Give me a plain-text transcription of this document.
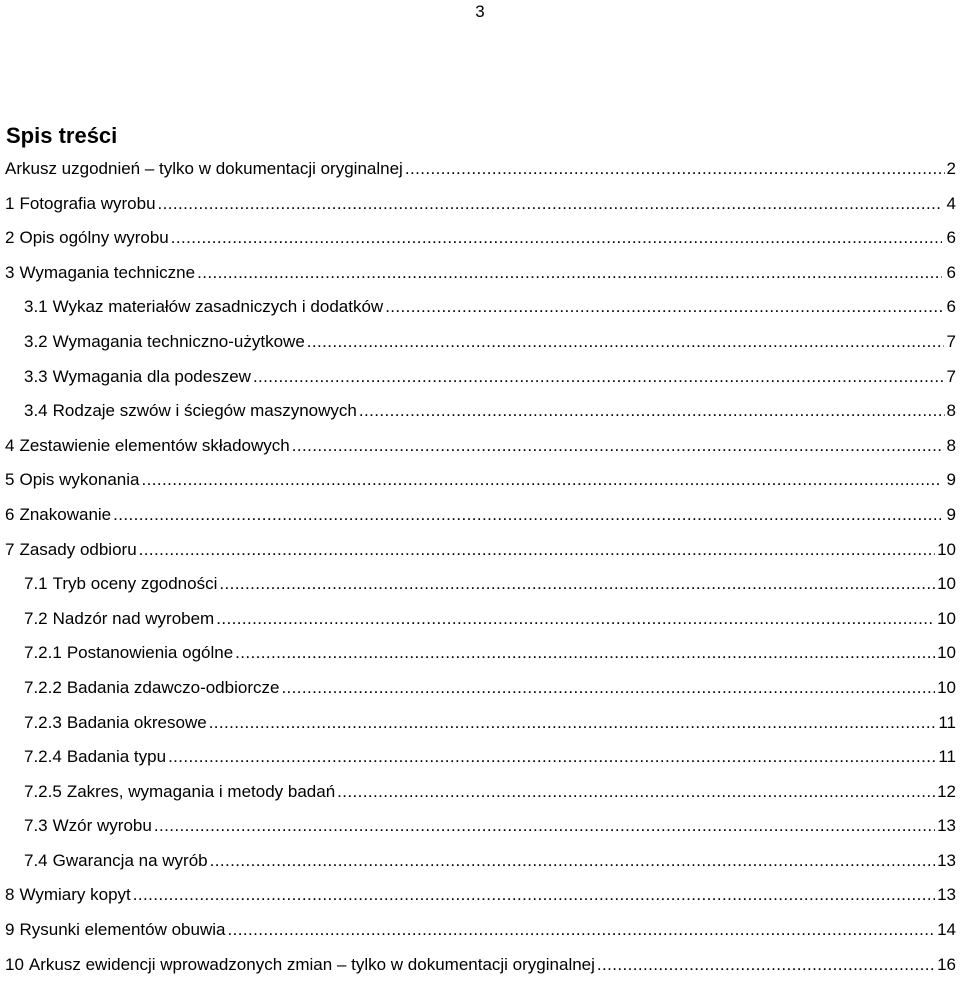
3
Spis treści
Arkusz uzgodnień – tylko w dokumentacji oryginalnej .....	2
1 Fotografia wyrobu .....	4
2 Opis ogólny wyrobu .....	6
3 Wymagania techniczne .....	6
3.1 Wykaz materiałów zasadniczych i dodatków .....	6
3.2 Wymagania techniczno-użytkowe .....	7
3.3 Wymagania dla podeszew .....	7
3.4 Rodzaje szwów i ściegów maszynowych .....	8
4 Zestawienie elementów składowych .....	8
5 Opis wykonania .....	9
6 Znakowanie .....	9
7 Zasady odbioru .....	10
7.1 Tryb oceny zgodności .....	10
7.2 Nadzór nad wyrobem .....	10
7.2.1 Postanowienia ogólne .....	10
7.2.2 Badania zdawczo-odbiorcze .....	10
7.2.3 Badania okresowe .....	11
7.2.4 Badania typu .....	11
7.2.5 Zakres, wymagania i metody badań .....	12
7.3 Wzór wyrobu .....	13
7.4 Gwarancja na wyrób .....	13
8 Wymiary kopyt .....	13
9 Rysunki elementów obuwia .....	14
10 Arkusz ewidencji wprowadzonych zmian – tylko w dokumentacji oryginalnej .....	16
